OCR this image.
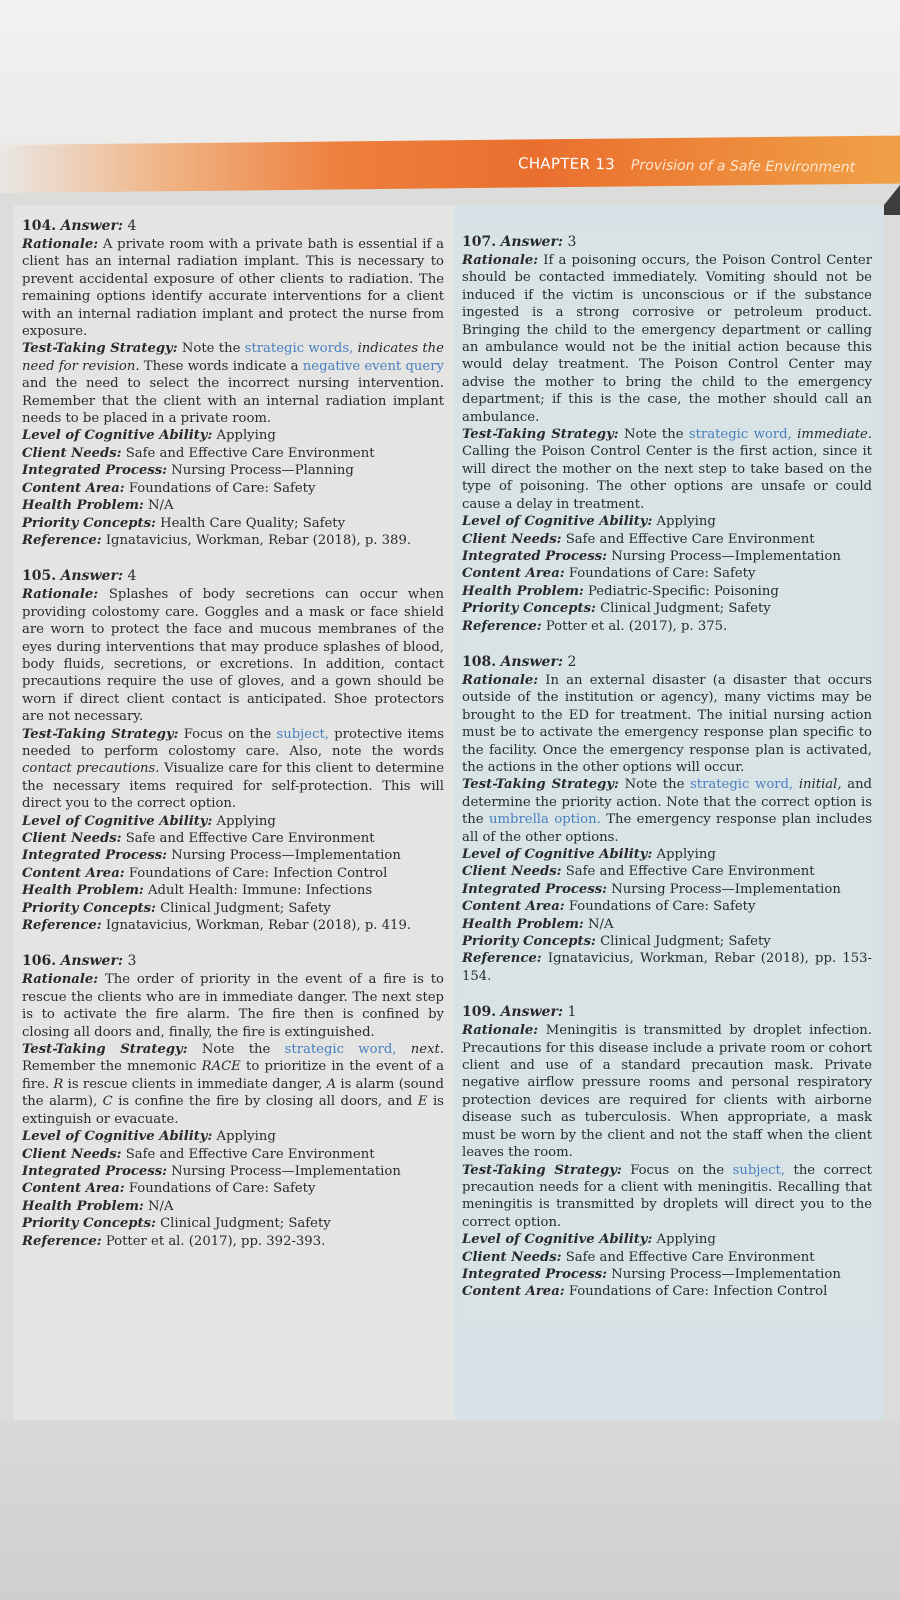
CHAPTER 13 Provision of a Safe Environment

104. Answer: 4

Rationale: A private room with a private bath is essential if a client has an internal radiation implant. This is necessary to prevent accidental exposure of other clients to radiation. The remaining options identify accurate interventions for a client with an internal radiation implant and protect the nurse from exposure.

Test-Taking Strategy: Note the strategic words, indicates the need for revision. These words indicate a negative event query and the need to select the incorrect nursing intervention. Remember that the client with an internal radiation implant needs to be placed in a private room.

Level of Cognitive Ability: Applying

Client Needs: Safe and Effective Care Environment

Integrated Process: Nursing Process—Planning

Content Area: Foundations of Care: Safety

Health Problem: N/A

Priority Concepts: Health Care Quality; Safety

Reference: Ignatavicius, Workman, Rebar (2018), p. 389.

105. Answer: 4

Rationale: Splashes of body secretions can occur when providing colostomy care. Goggles and a mask or face shield are worn to protect the face and mucous membranes of the eyes during interventions that may produce splashes of blood, body fluids, secretions, or excretions. In addition, contact precautions require the use of gloves, and a gown should be worn if direct client contact is anticipated. Shoe protectors are not necessary.

Test-Taking Strategy: Focus on the subject, protective items needed to perform colostomy care. Also, note the words contact precautions. Visualize care for this client to determine the necessary items required for self-protection. This will direct you to the correct option.

Level of Cognitive Ability: Applying

Client Needs: Safe and Effective Care Environment

Integrated Process: Nursing Process—Implementation

Content Area: Foundations of Care: Infection Control

Health Problem: Adult Health: Immune: Infections

Priority Concepts: Clinical Judgment; Safety

Reference: Ignatavicius, Workman, Rebar (2018), p. 419.

106. Answer: 3

Rationale: The order of priority in the event of a fire is to rescue the clients who are in immediate danger. The next step is to activate the fire alarm. The fire then is confined by closing all doors and, finally, the fire is extinguished.

Test-Taking Strategy: Note the strategic word, next. Remember the mnemonic RACE to prioritize in the event of a fire. R is rescue clients in immediate danger, A is alarm (sound the alarm), C is confine the fire by closing all doors, and E is extinguish or evacuate.

Level of Cognitive Ability: Applying

Client Needs: Safe and Effective Care Environment

Integrated Process: Nursing Process—Implementation

Content Area: Foundations of Care: Safety

Health Problem: N/A

Priority Concepts: Clinical Judgment; Safety

Reference: Potter et al. (2017), pp. 392-393.

107. Answer: 3

Rationale: If a poisoning occurs, the Poison Control Center should be contacted immediately. Vomiting should not be induced if the victim is unconscious or if the substance ingested is a strong corrosive or petroleum product. Bringing the child to the emergency department or calling an ambulance would not be the initial action because this would delay treatment. The Poison Control Center may advise the mother to bring the child to the emergency department; if this is the case, the mother should call an ambulance.

Test-Taking Strategy: Note the strategic word, immediate. Calling the Poison Control Center is the first action, since it will direct the mother on the next step to take based on the type of poisoning. The other options are unsafe or could cause a delay in treatment.

Level of Cognitive Ability: Applying

Client Needs: Safe and Effective Care Environment

Integrated Process: Nursing Process—Implementation

Content Area: Foundations of Care: Safety

Health Problem: Pediatric-Specific: Poisoning

Priority Concepts: Clinical Judgment; Safety

Reference: Potter et al. (2017), p. 375.

108. Answer: 2

Rationale: In an external disaster (a disaster that occurs outside of the institution or agency), many victims may be brought to the ED for treatment. The initial nursing action must be to activate the emergency response plan specific to the facility. Once the emergency response plan is activated, the actions in the other options will occur.

Test-Taking Strategy: Note the strategic word, initial, and determine the priority action. Note that the correct option is the umbrella option. The emergency response plan includes all of the other options.

Level of Cognitive Ability: Applying

Client Needs: Safe and Effective Care Environment

Integrated Process: Nursing Process—Implementation

Content Area: Foundations of Care: Safety

Health Problem: N/A

Priority Concepts: Clinical Judgment; Safety

Reference: Ignatavicius, Workman, Rebar (2018), pp. 153-154.

109. Answer: 1

Rationale: Meningitis is transmitted by droplet infection. Precautions for this disease include a private room or cohort client and use of a standard precaution mask. Private negative airflow pressure rooms and personal respiratory protection devices are required for clients with airborne disease such as tuberculosis. When appropriate, a mask must be worn by the client and not the staff when the client leaves the room.

Test-Taking Strategy: Focus on the subject, the correct precaution needs for a client with meningitis. Recalling that meningitis is transmitted by droplets will direct you to the correct option.

Level of Cognitive Ability: Applying

Client Needs: Safe and Effective Care Environment

Integrated Process: Nursing Process—Implementation

Content Area: Foundations of Care: Infection Control
